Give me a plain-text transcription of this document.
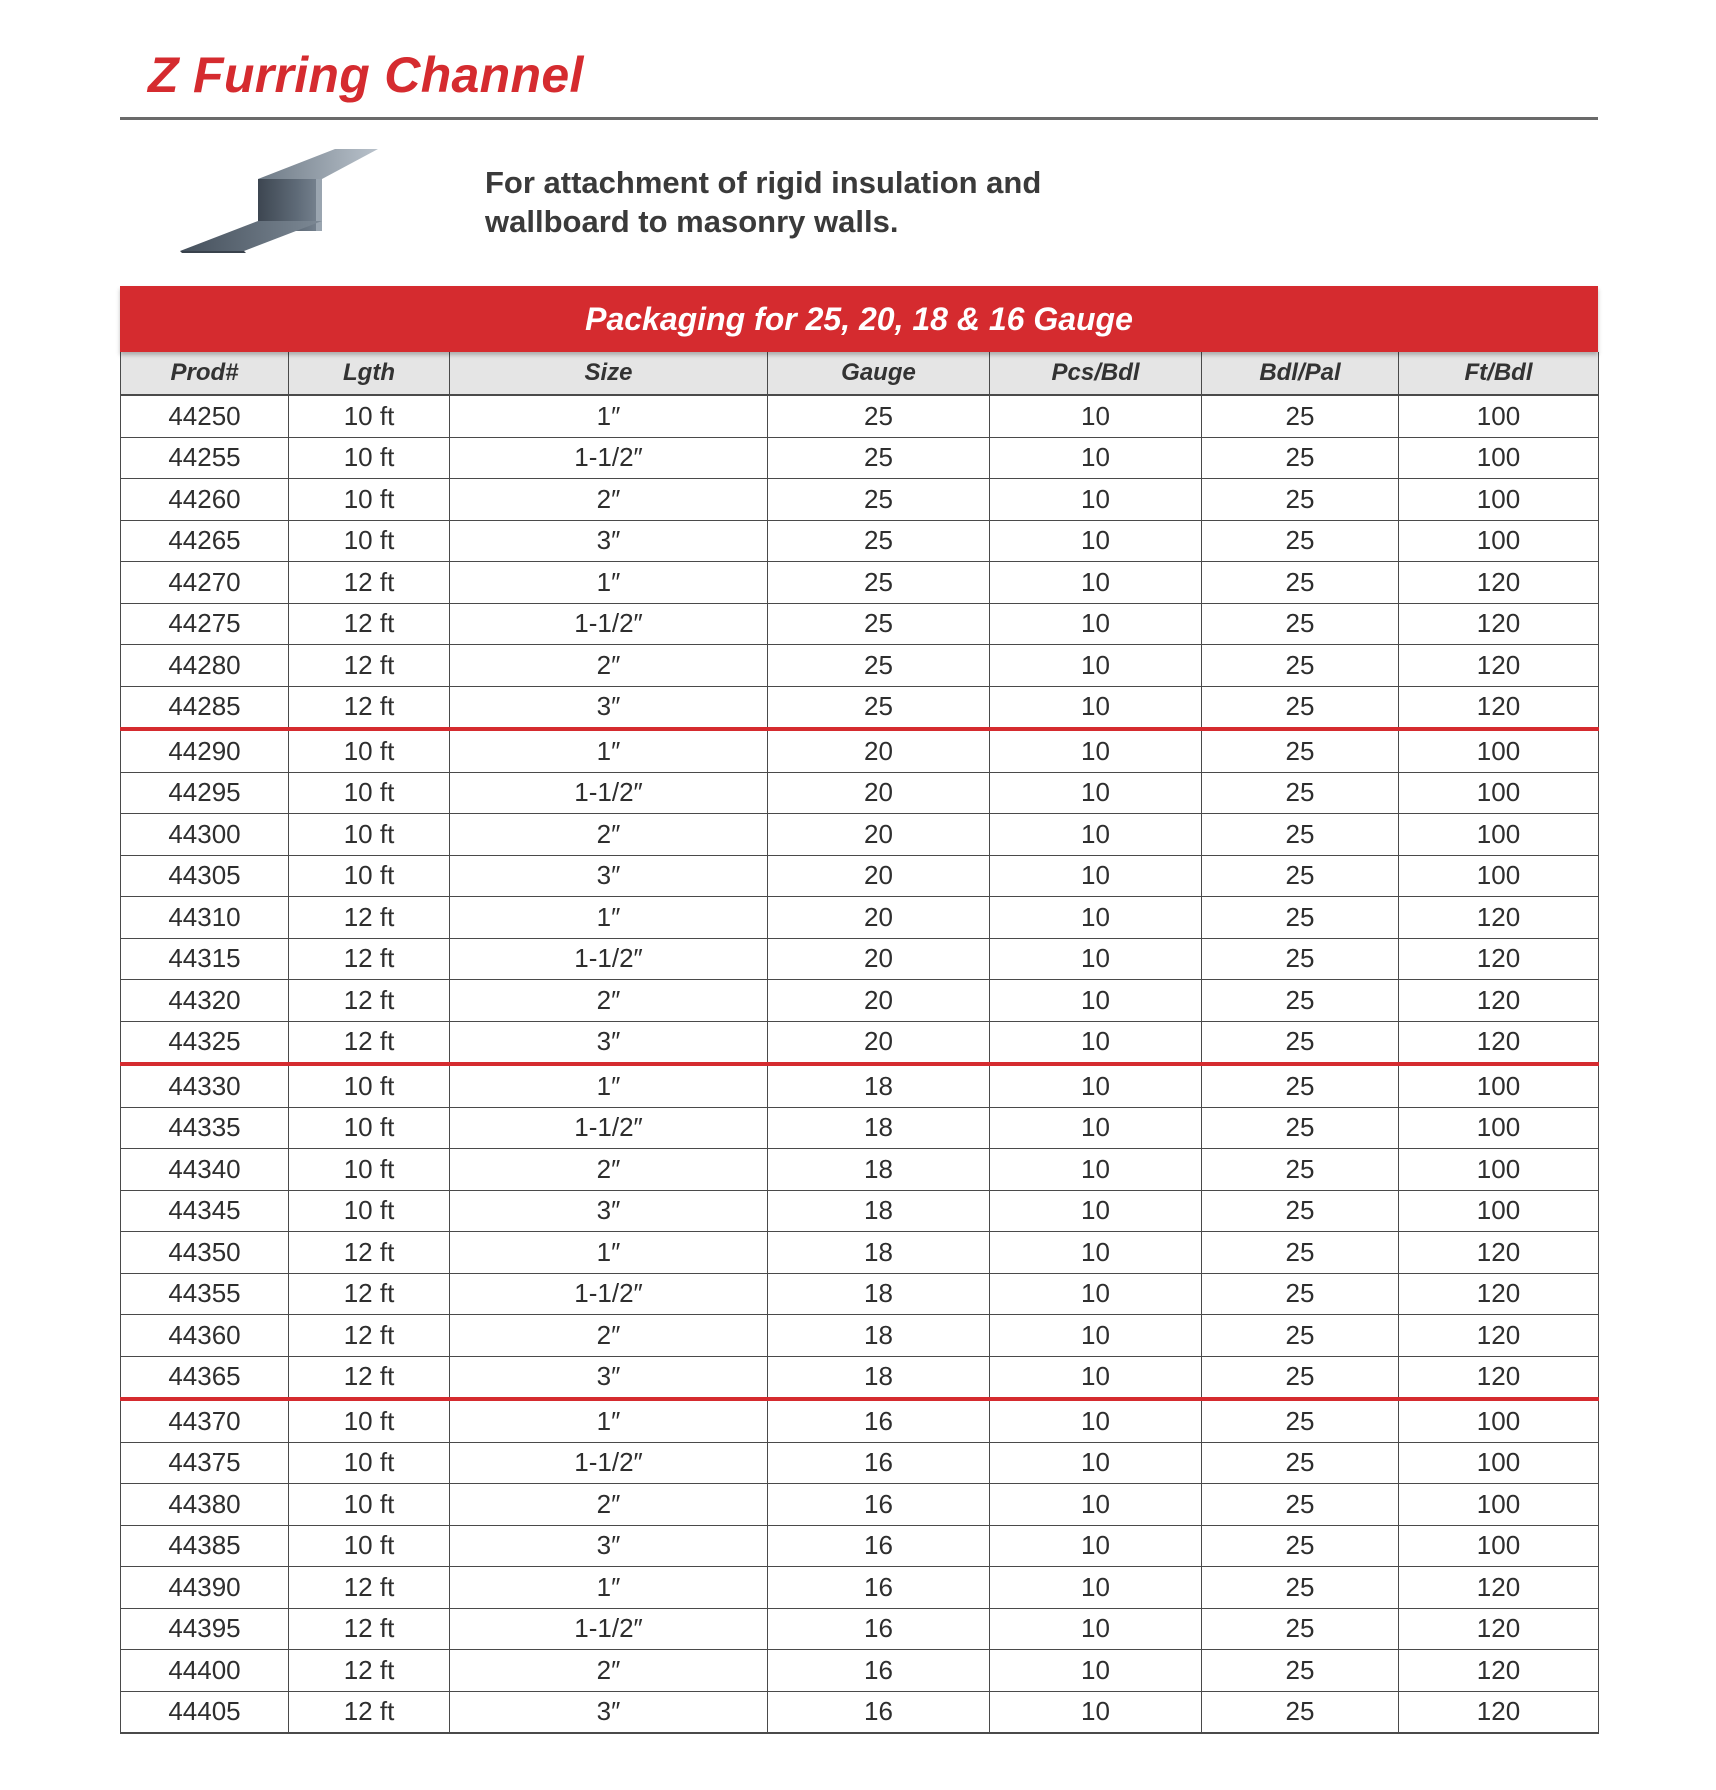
Z Furring Channel

For attachment of rigid insulation and wallboard to masonry walls.

Packaging for 25, 20, 18 & 16 Gauge
Prod#	Lgth	Size	Gauge	Pcs/Bdl	Bdl/Pal	Ft/Bdl
44250	10 ft	1″	25	10	25	100
44255	10 ft	1-1/2″	25	10	25	100
44260	10 ft	2″	25	10	25	100
44265	10 ft	3″	25	10	25	100
44270	12 ft	1″	25	10	25	120
44275	12 ft	1-1/2″	25	10	25	120
44280	12 ft	2″	25	10	25	120
44285	12 ft	3″	25	10	25	120
44290	10 ft	1″	20	10	25	100
44295	10 ft	1-1/2″	20	10	25	100
44300	10 ft	2″	20	10	25	100
44305	10 ft	3″	20	10	25	100
44310	12 ft	1″	20	10	25	120
44315	12 ft	1-1/2″	20	10	25	120
44320	12 ft	2″	20	10	25	120
44325	12 ft	3″	20	10	25	120
44330	10 ft	1″	18	10	25	100
44335	10 ft	1-1/2″	18	10	25	100
44340	10 ft	2″	18	10	25	100
44345	10 ft	3″	18	10	25	100
44350	12 ft	1″	18	10	25	120
44355	12 ft	1-1/2″	18	10	25	120
44360	12 ft	2″	18	10	25	120
44365	12 ft	3″	18	10	25	120
44370	10 ft	1″	16	10	25	100
44375	10 ft	1-1/2″	16	10	25	100
44380	10 ft	2″	16	10	25	100
44385	10 ft	3″	16	10	25	100
44390	12 ft	1″	16	10	25	120
44395	12 ft	1-1/2″	16	10	25	120
44400	12 ft	2″	16	10	25	120
44405	12 ft	3″	16	10	25	120
